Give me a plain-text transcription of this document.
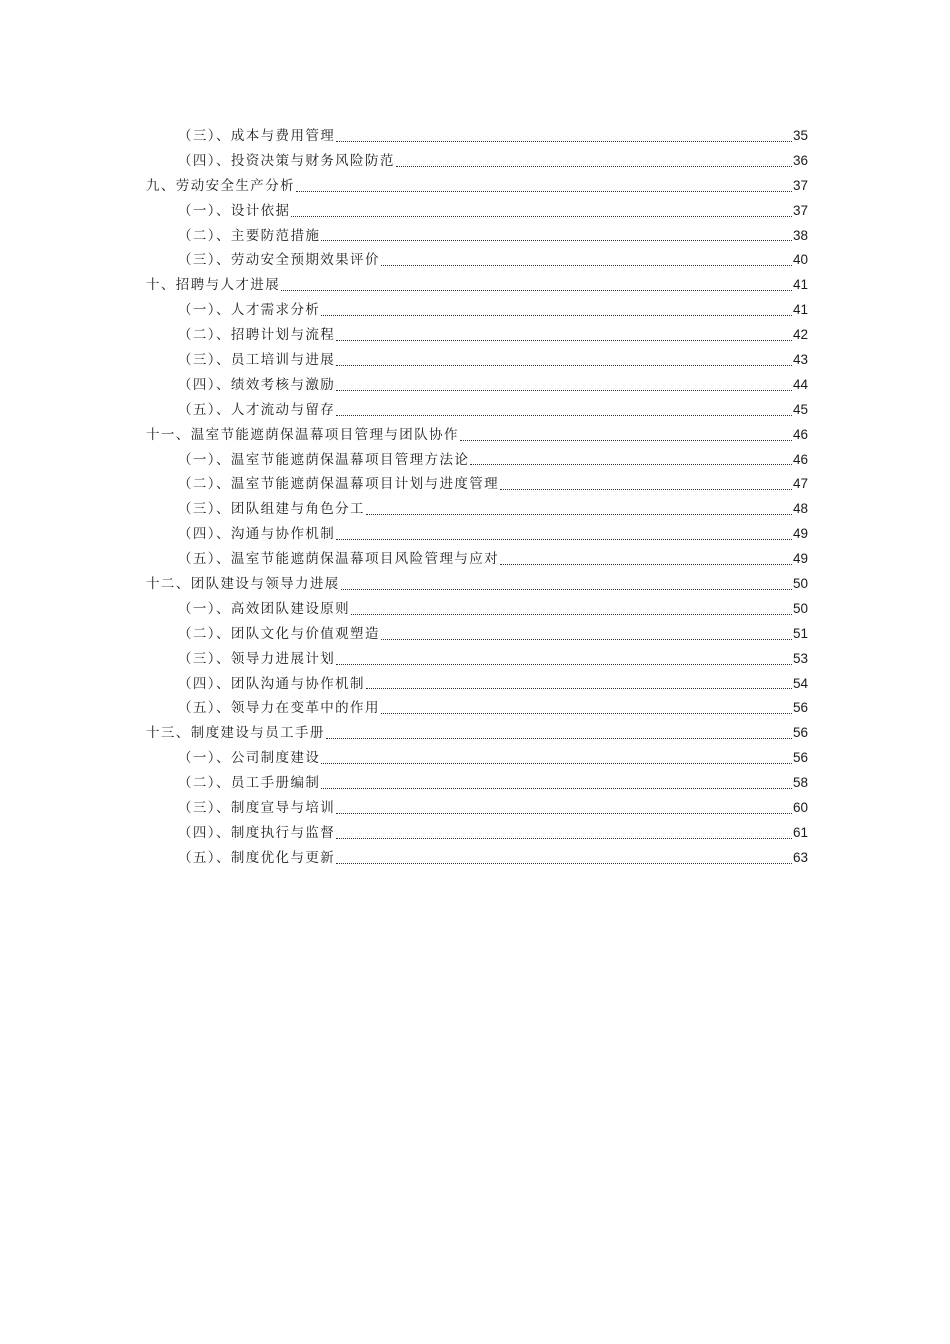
（三）、成本与费用管理	35
（四）、投资决策与财务风险防范	36
九、劳动安全生产分析	37
（一）、设计依据	37
（二）、主要防范措施	38
（三）、劳动安全预期效果评价	40
十、招聘与人才进展	41
（一）、人才需求分析	41
（二）、招聘计划与流程	42
（三）、员工培训与进展	43
（四）、绩效考核与激励	44
（五）、人才流动与留存	45
十一、温室节能遮荫保温幕项目管理与团队协作	46
（一）、温室节能遮荫保温幕项目管理方法论	46
（二）、温室节能遮荫保温幕项目计划与进度管理	47
（三）、团队组建与角色分工	48
（四）、沟通与协作机制	49
（五）、温室节能遮荫保温幕项目风险管理与应对	49
十二、团队建设与领导力进展	50
（一）、高效团队建设原则	50
（二）、团队文化与价值观塑造	51
（三）、领导力进展计划	53
（四）、团队沟通与协作机制	54
（五）、领导力在变革中的作用	56
十三、制度建设与员工手册	56
（一）、公司制度建设	56
（二）、员工手册编制	58
（三）、制度宣导与培训	60
（四）、制度执行与监督	61
（五）、制度优化与更新	63
